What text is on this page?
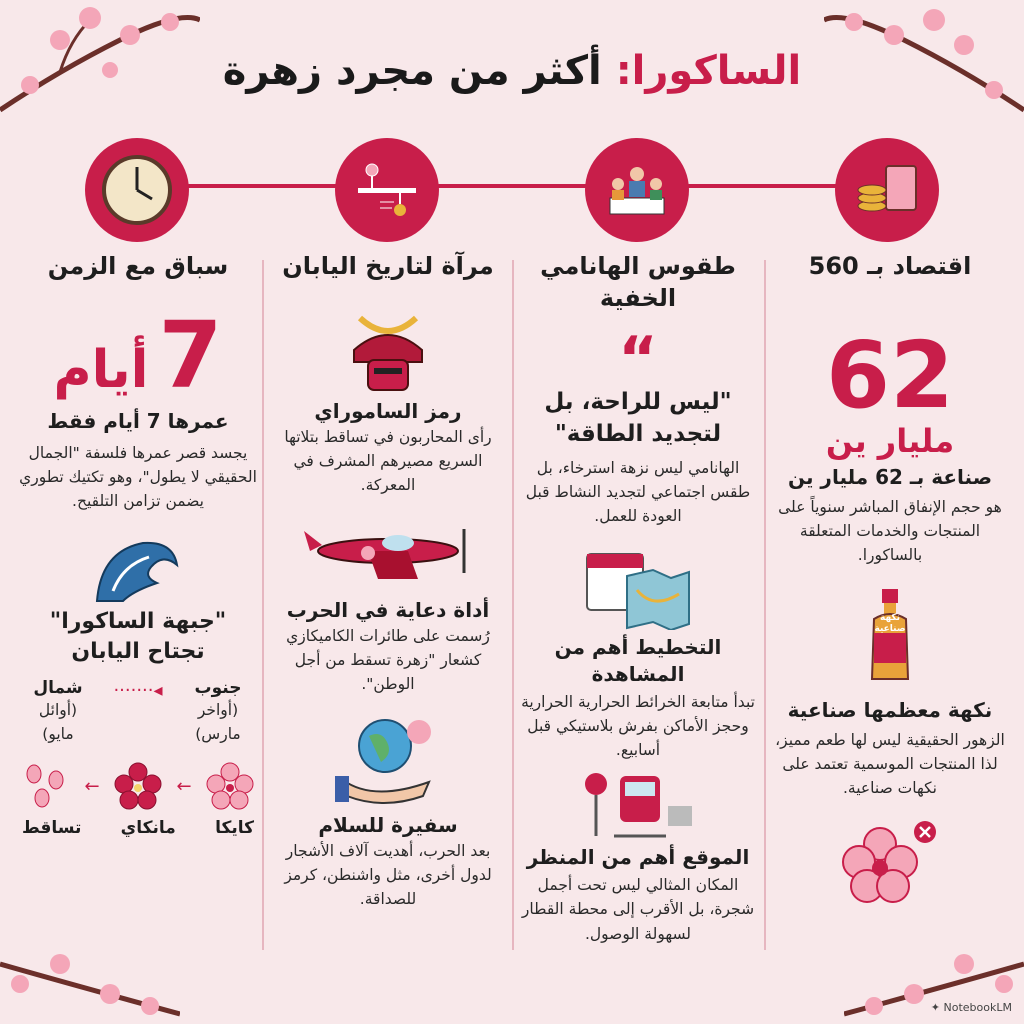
الساكورا: أكثر من مجرد زهرة
اقتصاد بـ 560
62
مليار ين
صناعة بـ 62 مليار ين
هو حجم الإنفاق المباشر سنوياً على المنتجات والخدمات المتعلقة بالساكورا.
نكهة صناعية
نكهة معظمها صناعية
الزهور الحقيقية ليس لها طعم مميز، لذا المنتجات الموسمية تعتمد على نكهات صناعية.
طقوس الهانامي الخفية
“
"ليس للراحة، بل لتجديد الطاقة"
الهانامي ليس نزهة استرخاء، بل طقس اجتماعي لتجديد النشاط قبل العودة للعمل.
التخطيط أهم من المشاهدة
تبدأ متابعة الخرائط الحرارية الحرارية وحجز الأماكن بفرش بلاستيكي قبل أسابيع.
الموقع أهم من المنظر
المكان المثالي ليس تحت أجمل شجرة، بل الأقرب إلى محطة القطار لسهولة الوصول.
مرآة لتاريخ اليابان
رمز الساموراي
رأى المحاربون في تساقط بتلاتها السريع مصيرهم المشرف في المعركة.
أداة دعاية في الحرب
رُسمت على طائرات الكاميكازي كشعار "زهرة تسقط من أجل الوطن".
سفيرة للسلام
بعد الحرب، أهديت آلاف الأشجار لدول أخرى، مثل واشنطن، كرمز للصداقة.
سباق مع الزمن
أيام 7
عمرها 7 أيام فقط
يجسد قصر عمرها فلسفة "الجمال الحقيقي لا يطول"، وهو تكتيك تطوري يضمن تزامن التلقيح.
"جبهة الساكورا" تجتاح اليابان
جنوب
(أواخر مارس)
◂·······
شمال
(أوائل مايو)
←
←
كايكا
مانكاي
تساقط
✦ NotebookLM
